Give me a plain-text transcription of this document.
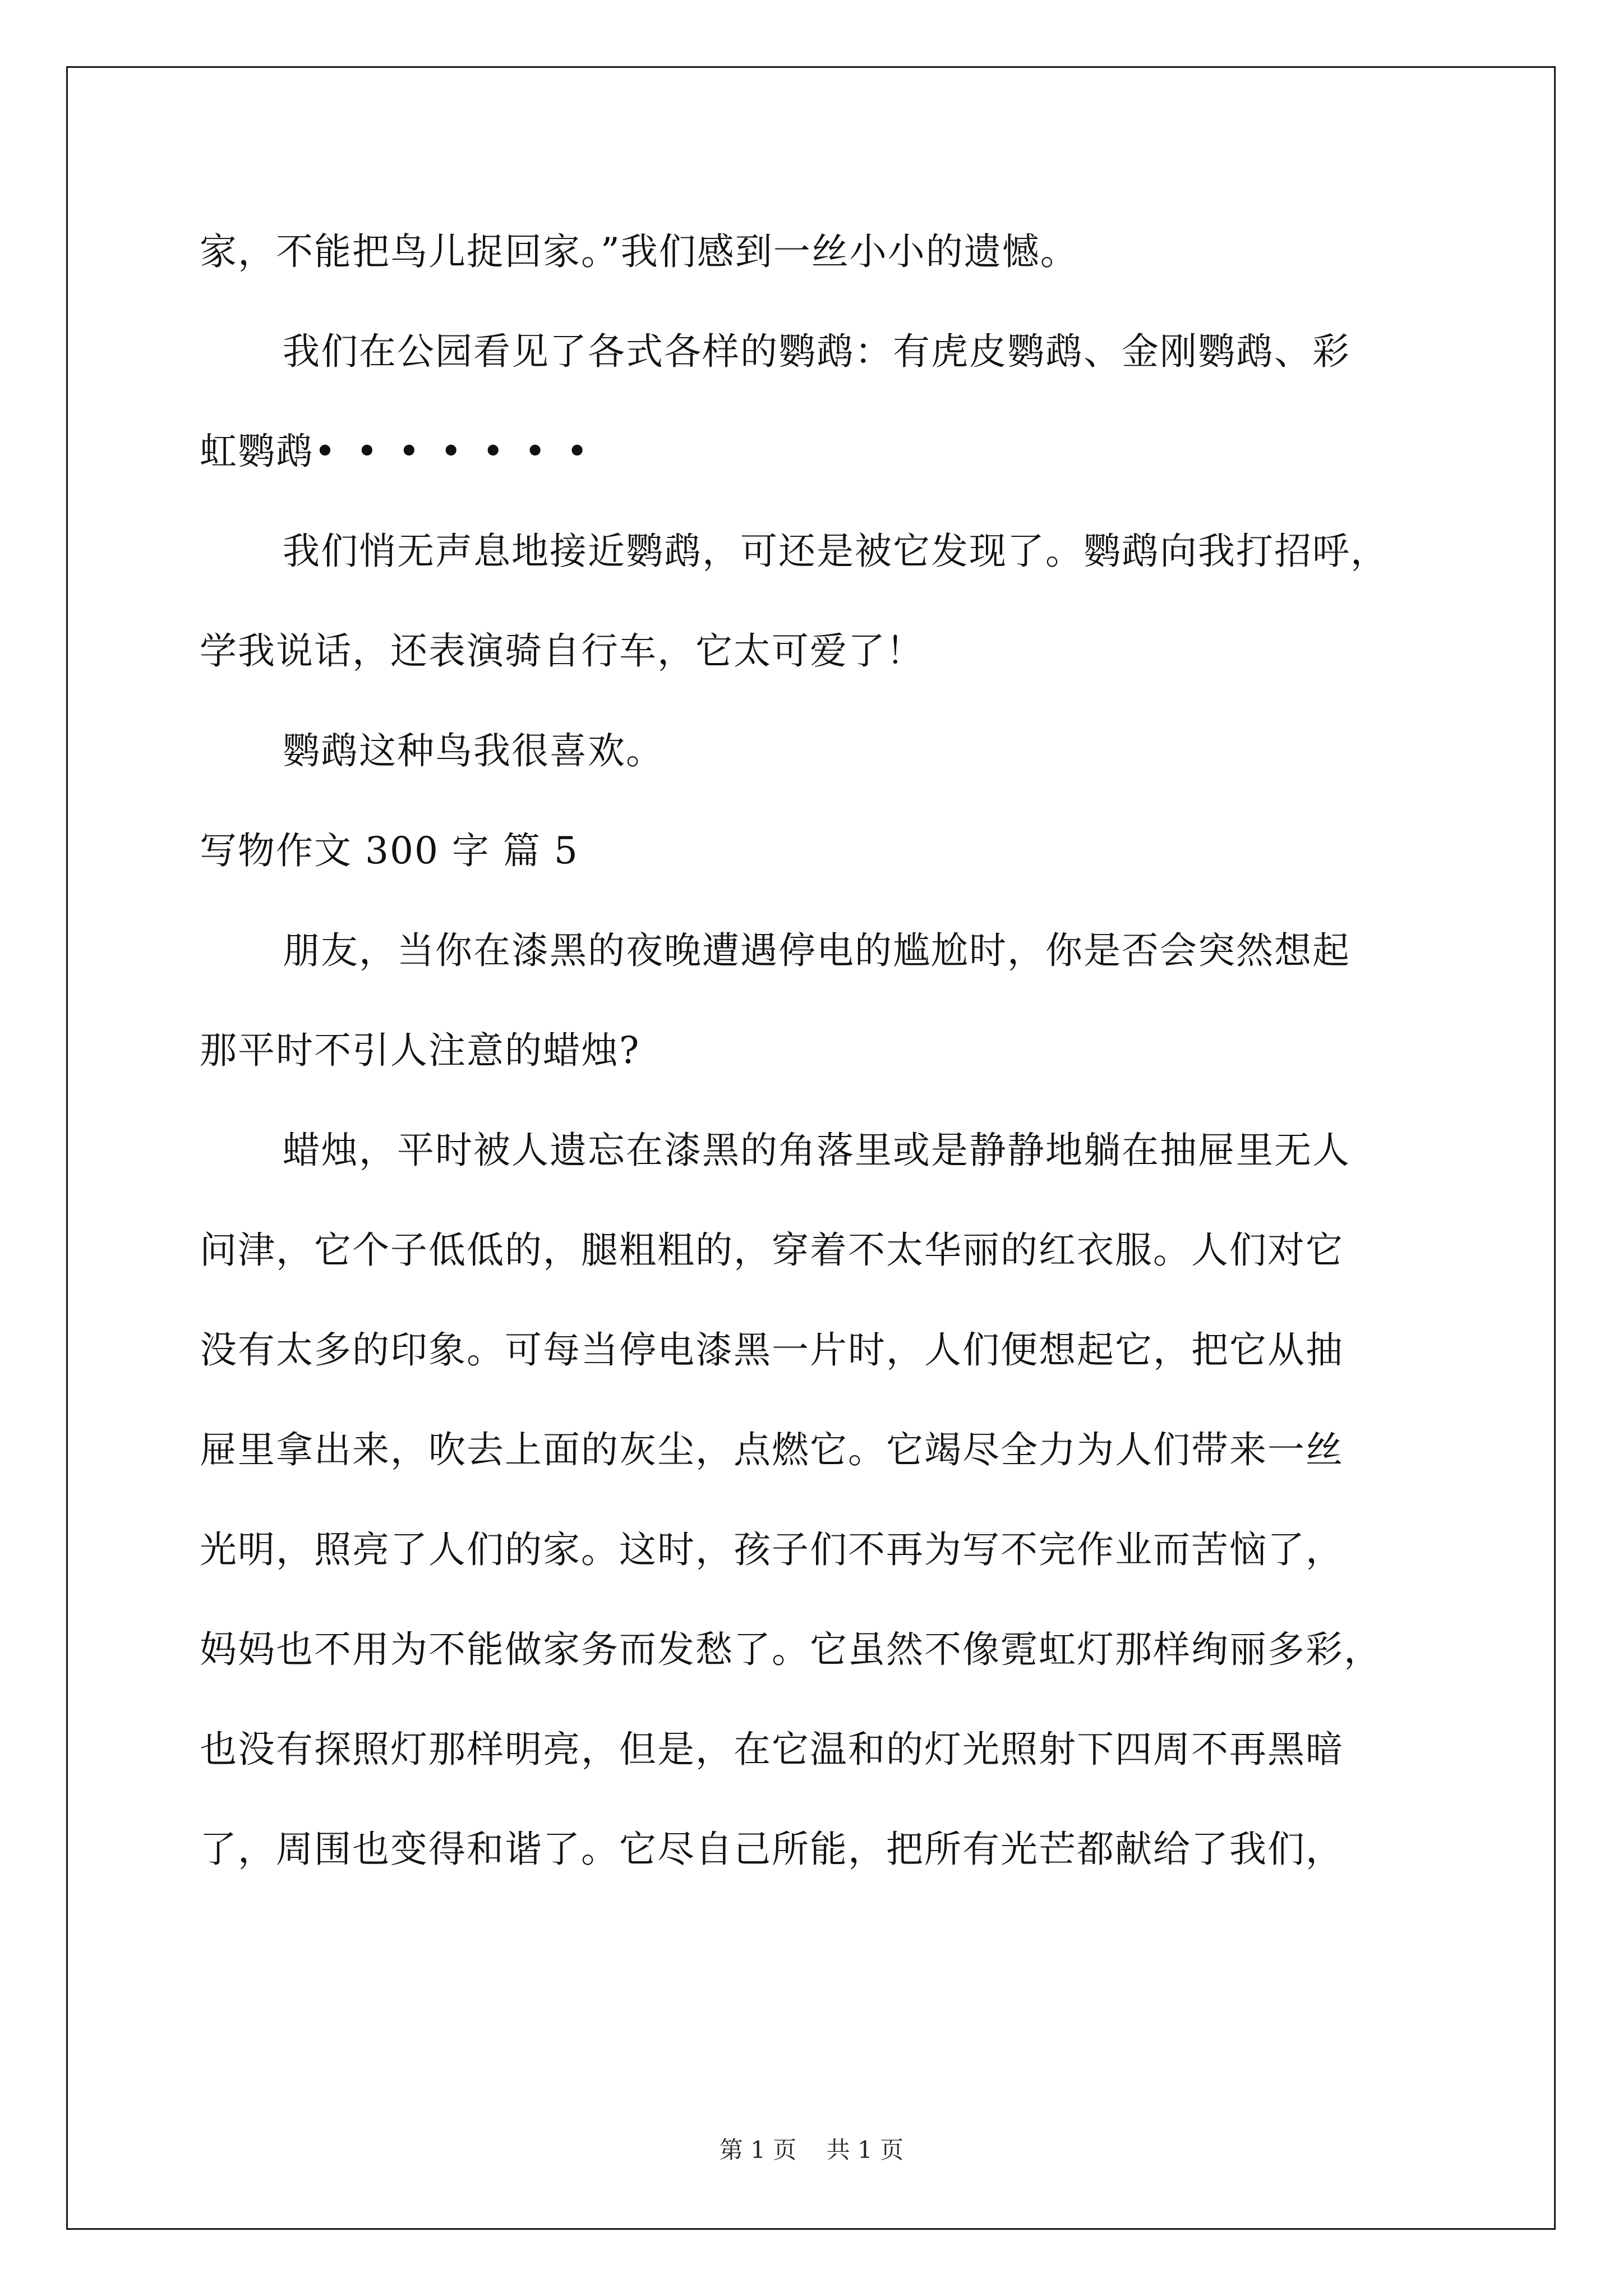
家，不能把鸟儿捉回家。”我们感到一丝小小的遗憾。
我们在公园看见了各式各样的鹦鹉：有虎皮鹦鹉、金刚鹦鹉、彩
虹鹦鹉•••••••
我们悄无声息地接近鹦鹉，可还是被它发现了。鹦鹉向我打招呼，
学我说话，还表演骑自行车，它太可爱了！
鹦鹉这种鸟我很喜欢。
写物作文 300 字 篇 5
朋友，当你在漆黑的夜晚遭遇停电的尴尬时，你是否会突然想起
那平时不引人注意的蜡烛?
蜡烛，平时被人遗忘在漆黑的角落里或是静静地躺在抽屉里无人
问津，它个子低低的，腿粗粗的，穿着不太华丽的红衣服。人们对它
没有太多的印象。可每当停电漆黑一片时，人们便想起它，把它从抽
屉里拿出来，吹去上面的灰尘，点燃它。它竭尽全力为人们带来一丝
光明，照亮了人们的家。这时，孩子们不再为写不完作业而苦恼了，
妈妈也不用为不能做家务而发愁了。它虽然不像霓虹灯那样绚丽多彩，
也没有探照灯那样明亮，但是，在它温和的灯光照射下四周不再黑暗
了，周围也变得和谐了。它尽自己所能，把所有光芒都献给了我们，
第 1 页 共 1 页
